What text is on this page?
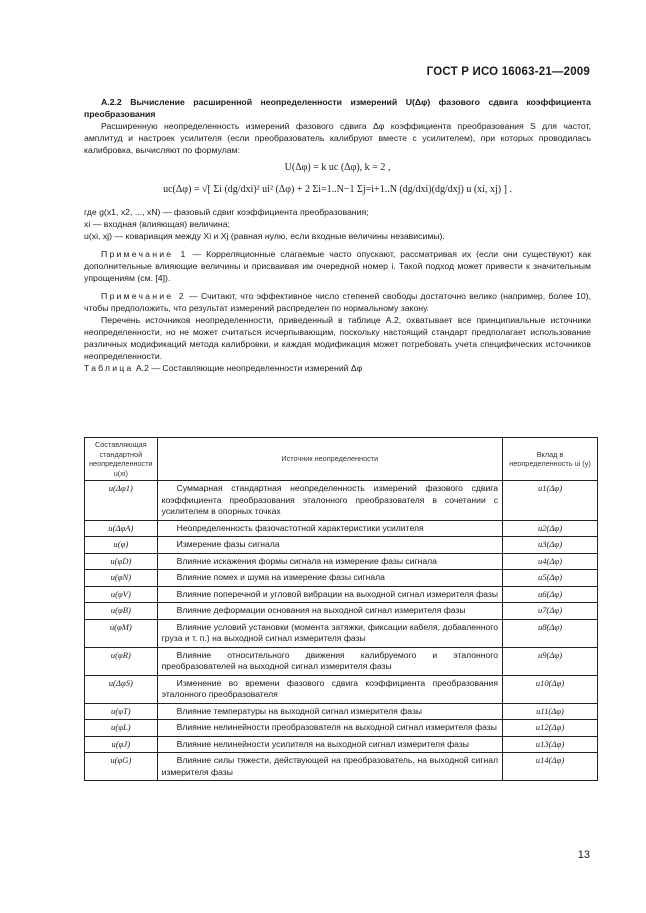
ГОСТ Р ИСО 16063-21—2009

А.2.2 Вычисление расширенной неопределенности измерений U(Δφ) фазового сдвига коэффициента преобразования

Расширенную неопределенность измерений фазового сдвига Δφ коэффициента преобразования S для частот, амплитуд и настроек усилителя (если преобразователь калибруют вместе с усилителем), при которых проводилась калибровка, вычисляют по формулам:

U(Δφ) = k uc (Δφ), k = 2 ,
uc(Δφ) = √[ Σi (dg/dxi)² ui² (Δφ) + 2 Σi=1..N−1 Σj=i+1..N (dg/dxi)(dg/dxj) u (xi, xj) ] .

где g(x1, x2, ..., xN) — фазовый сдвиг коэффициента преобразования;

xi — входная (влияющая) величина;

u(xi, xj) — ковариация между Xi и Xj (равная нулю, если входные величины независимы).

Примечание 1 — Корреляционные слагаемые часто опускают, рассматривая их (если они существуют) как дополнительные влияющие величины и присваивая им очередной номер i. Такой подход может привести к значительным упрощениям (см. [4]).

Примечание 2 — Считают, что эффективное число степеней свободы достаточно велико (например, более 10), чтобы предположить, что результат измерений распределен по нормальному закону.

Перечень источников неопределенности, приведенный в таблице А.2, охватывает все принципиальные источники неопределенности, но не может считаться исчерпывающим, поскольку настоящий стандарт предполагает использование различных модификаций метода калибровки, и каждая модификация может потребовать учета специфических источников неопределенности.

Таблица А.2 — Составляющие неопределенности измерений Δφ

Составляющая стандартной неопределенности u(xi)	Источник неопределенности	Вклад в неопределенность ui (y)
u(Δφ1)	Суммарная стандартная неопределенность измерений фазового сдвига коэффициента преобразования эталонного преобразователя в сочетании с усилителем в опорных точках	u1(Δφ)
u(ΔφA)	Неопределенность фазочастотной характеристики усилителя	u2(Δφ)
u(φ)	Измерение фазы сигнала	u3(Δφ)
u(φD)	Влияние искажения формы сигнала на измерение фазы сигнала	u4(Δφ)
u(φN)	Влияние помех и шума на измерение фазы сигнала	u5(Δφ)
u(φV)	Влияние поперечной и угловой вибрации на выходной сигнал измерителя фазы	u6(Δφ)
u(φB)	Влияние деформации основания на выходной сигнал измерителя фазы	u7(Δφ)
u(φM)	Влияние условий установки (момента затяжки, фиксации кабеля, добавленного груза и т. п.) на выходной сигнал измерителя фазы	u8(Δφ)
u(φR)	Влияние относительного движения калибруемого и эталонного преобразователей на выходной сигнал измерителя фазы	u9(Δφ)
u(ΔφS)	Изменение во времени фазового сдвига коэффициента преобразования эталонного преобразователя	u10(Δφ)
u(φT)	Влияние температуры на выходной сигнал измерителя фазы	u11(Δφ)
u(φL)	Влияние нелинейности преобразователя на выходной сигнал измерителя фазы	u12(Δφ)
u(φJ)	Влияние нелинейности усилителя на выходной сигнал измерителя фазы	u13(Δφ)
u(φG)	Влияние силы тяжести, действующей на преобразователь, на выходной сигнал измерителя фазы	u14(Δφ)
13
